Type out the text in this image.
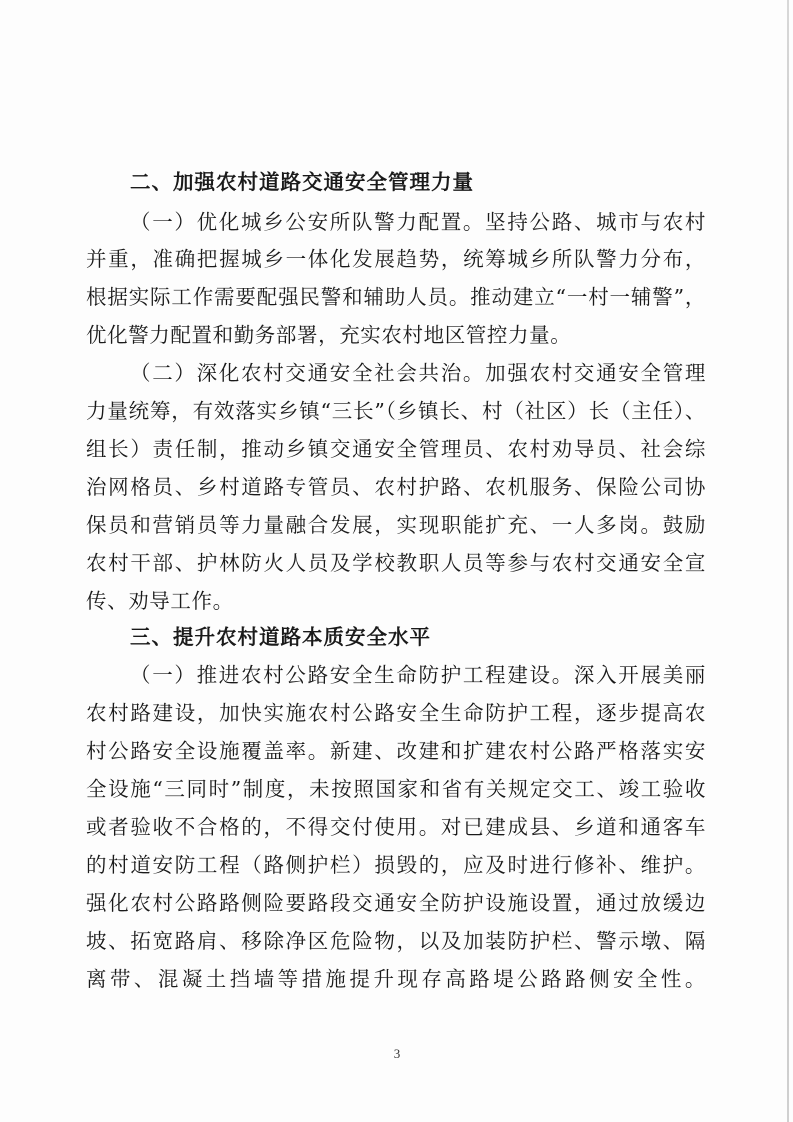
二、加强农村道路交通安全管理力量
（一）优化城乡公安所队警力配置。坚持公路、城市与农村
并重，准确把握城乡一体化发展趋势，统筹城乡所队警力分布，
根据实际工作需要配强民警和辅助人员。推动建立“一村一辅警”，
优化警力配置和勤务部署，充实农村地区管控力量。
（二）深化农村交通安全社会共治。加强农村交通安全管理
力量统筹，有效落实乡镇“三长”（乡镇长、村（社区）长（主任）、
组长）责任制，推动乡镇交通安全管理员、农村劝导员、社会综
治网格员、乡村道路专管员、农村护路、农机服务、保险公司协
保员和营销员等力量融合发展，实现职能扩充、一人多岗。鼓励
农村干部、护林防火人员及学校教职人员等参与农村交通安全宣
传、劝导工作。
三、提升农村道路本质安全水平
（一）推进农村公路安全生命防护工程建设。深入开展美丽
农村路建设，加快实施农村公路安全生命防护工程，逐步提高农
村公路安全设施覆盖率。新建、改建和扩建农村公路严格落实安
全设施“三同时”制度，未按照国家和省有关规定交工、竣工验收
或者验收不合格的，不得交付使用。对已建成县、乡道和通客车
的村道安防工程（路侧护栏）损毁的，应及时进行修补、维护。
强化农村公路路侧险要路段交通安全防护设施设置，通过放缓边
坡、拓宽路肩、移除净区危险物，以及加装防护栏、警示墩、隔
离带、混凝土挡墙等措施提升现存高路堤公路路侧安全性。
3
